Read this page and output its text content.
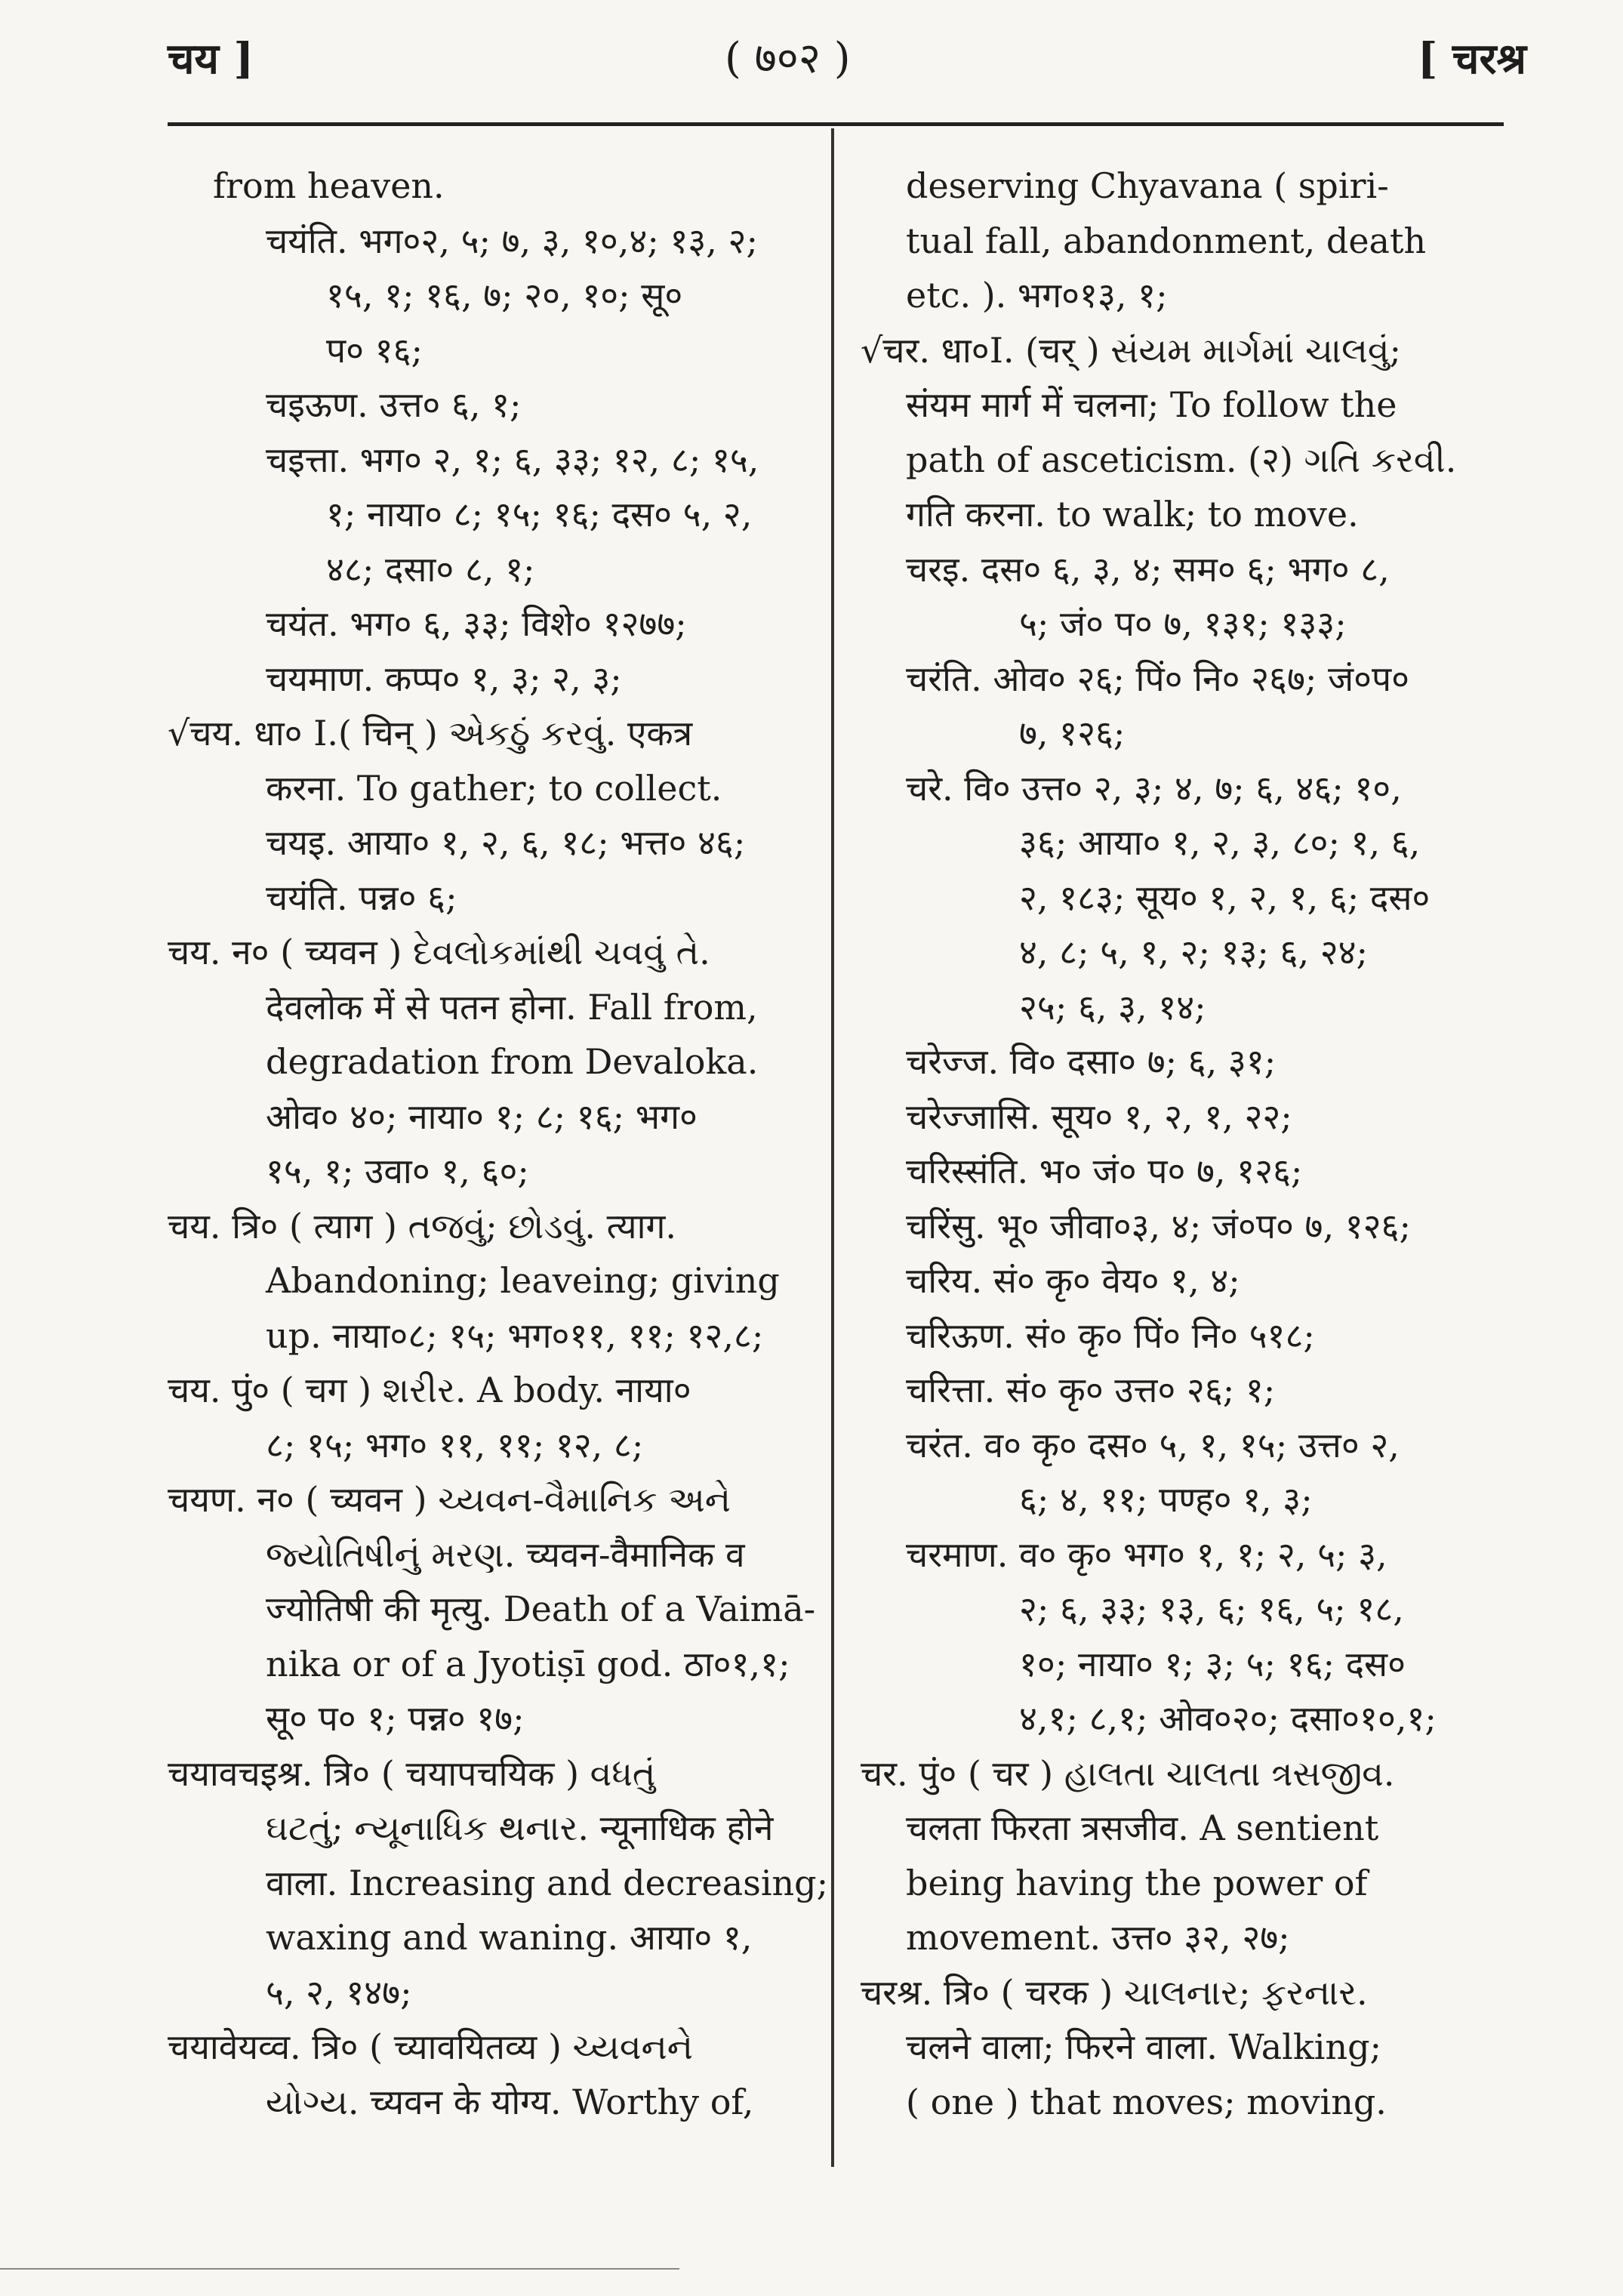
चय ]	( ७०२ )	[ चरश्र
from heaven.
चयंति. भग०२, ५; ७, ३, १०,४; १३, २;
१५, १; १६, ७; २०, १०; सू०
प० १६;
चइऊण. उत्त० ६, १;
चइत्ता. भग० २, १; ६, ३३; १२, ८; १५,
१; नाया० ८; १५; १६; दस० ५, २,
४८; दसा० ८, १;
चयंत. भग० ६, ३३; विशे० १२७७;
चयमाण. कप्प० १, ३; २, ३;
√चय. धा० I.( चिन् ) એકઠું કરવું. एकत्र
करना. To gather; to collect.
चयइ. आया० १, २, ६, १८; भत्त० ४६;
चयंति. पन्न० ६;
चय. न० ( च्यवन ) દેવલોકમાંથી ચવવું તે.
देवलोक में से पतन होना. Fall from,
degradation from Devaloka.
ओव० ४०; नाया० १; ८; १६; भग०
१५, १; उवा० १, ६०;
चय. त्रि० ( त्याग ) તજવું; છોડવું. त्याग.
Abandoning; leaveing; giving
up. नाया०८; १५; भग०११, ११; १२,८;
चय. पुं० ( चग ) શરીર. A body. नाया०
८; १५; भग० ११, ११; १२, ८;
चयण. न० ( च्यवन ) ચ્યવન-વૈમાનિક અને
જ્યોતિષીનું મરણ. च्यवन-वैमानिक व
ज्योतिषी की मृत्यु. Death of a Vaimā-
nika or of a Jyotiṣī god. ठा०१,१;
सू० प० १; पन्न० १७;
चयावचइश्र. त्रि० ( चयापचयिक ) વધતું
ઘટતું; ન્યૂનાધિક થનાર. न्यूनाधिक होने
वाला. Increasing and decreasing;
waxing and waning. आया० १,
५, २, १४७;
चयावेयव्व. त्रि० ( च्यावयितव्य ) ચ્યવનને
યોગ્ય. च्यवन के योग्य. Worthy of,
deserving Chyavana ( spiri-
tual fall, abandonment, death
etc. ). भग०१३, १;
√चर. धा०I. (चर् ) સંયમ માર્ગમાં ચાલવું;
संयम मार्ग में चलना; To follow the
path of asceticism. (२) ગતિ કરવી.
गति करना. to walk; to move.
चरइ. दस० ६, ३, ४; सम० ६; भग० ८,
५; जं० प० ७, १३१; १३३;
चरंति. ओव० २६; पिं० नि० २६७; जं०प०
७, १२६;
चरे. वि० उत्त० २, ३; ४, ७; ६, ४६; १०,
३६; आया० १, २, ३, ८०; १, ६,
२, १८३; सूय० १, २, १, ६; दस०
४, ८; ५, १, २; १३; ६, २४;
२५; ६, ३, १४;
चरेज्ज. वि० दसा० ७; ६, ३१;
चरेज्जासि. सूय० १, २, १, २२;
चरिस्संति. भ० जं० प० ७, १२६;
चरिंसु. भू० जीवा०३, ४; जं०प० ७, १२६;
चरिय. सं० कृ० वेय० १, ४;
चरिऊण. सं० कृ० पिं० नि० ५१८;
चरित्ता. सं० कृ० उत्त० २६; १;
चरंत. व० कृ० दस० ५, १, १५; उत्त० २,
६; ४, ११; पण्ह० १, ३;
चरमाण. व० कृ० भग० १, १; २, ५; ३,
२; ६, ३३; १३, ६; १६, ५; १८,
१०; नाया० १; ३; ५; १६; दस०
४,१; ८,१; ओव०२०; दसा०१०,१;
चर. पुं० ( चर ) હાલતા ચાલતા ત્રસજીવ.
चलता फिरता त्रसजीव. A sentient
being having the power of
movement. उत्त० ३२, २७;
चरश्र. त्रि० ( चरक ) ચાલનાર; ફરનાર.
चलने वाला; फिरने वाला. Walking;
( one ) that moves; moving.
